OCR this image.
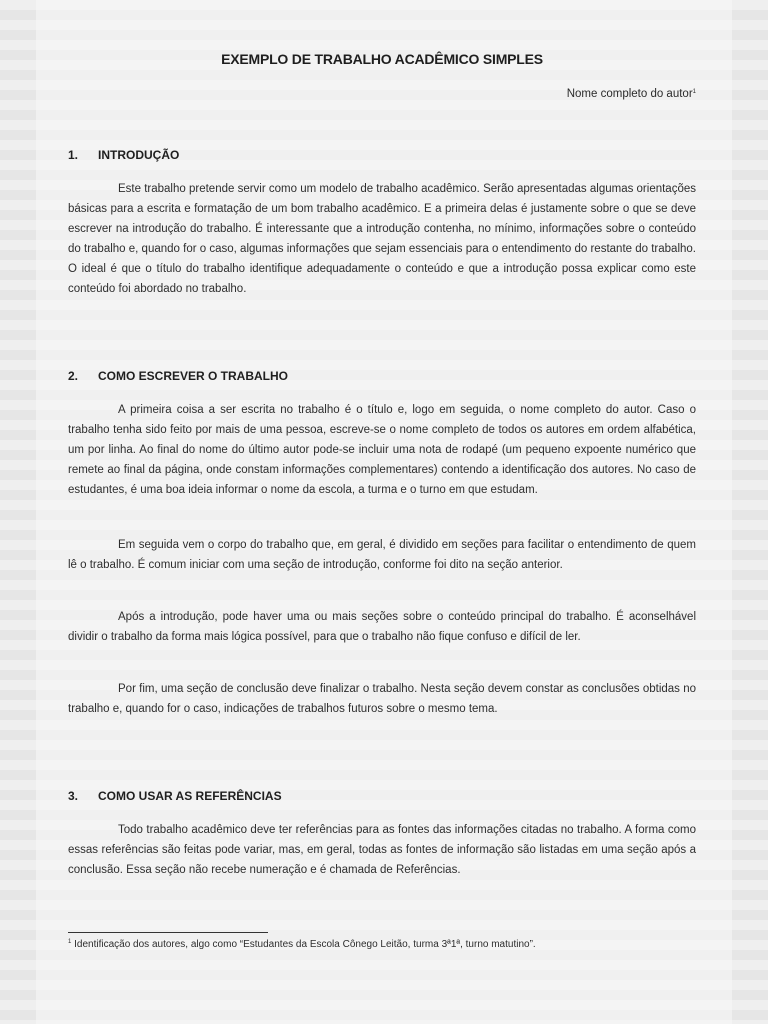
EXEMPLO DE TRABALHO ACADÊMICO SIMPLES
Nome completo do autor$^1$
1. INTRODUÇÃO

Este trabalho pretende servir como um modelo de trabalho acadêmico. Serão apresentadas algumas orientações básicas para a escrita e formatação de um bom trabalho acadêmico. E a primeira delas é justamente sobre o que se deve escrever na introdução do trabalho. É interessante que a introdução contenha, no mínimo, informações sobre o conteúdo do trabalho e, quando for o caso, algumas informações que sejam essenciais para o entendimento do restante do trabalho. O ideal é que o título do trabalho identifique adequadamente o conteúdo e que a introdução possa explicar como este conteúdo foi abordado no trabalho.

2. COMO ESCREVER O TRABALHO

A primeira coisa a ser escrita no trabalho é o título e, logo em seguida, o nome completo do autor. Caso o trabalho tenha sido feito por mais de uma pessoa, escreve-se o nome completo de todos os autores em ordem alfabética, um por linha. Ao final do nome do último autor pode-se incluir uma nota de rodapé (um pequeno expoente numérico que remete ao final da página, onde constam informações complementares) contendo a identificação dos autores. No caso de estudantes, é uma boa ideia informar o nome da escola, a turma e o turno em que estudam.

Em seguida vem o corpo do trabalho que, em geral, é dividido em seções para facilitar o entendimento de quem lê o trabalho. É comum iniciar com uma seção de introdução, conforme foi dito na seção anterior.

Após a introdução, pode haver uma ou mais seções sobre o conteúdo principal do trabalho. É aconselhável dividir o trabalho da forma mais lógica possível, para que o trabalho não fique confuso e difícil de ler.

Por fim, uma seção de conclusão deve finalizar o trabalho. Nesta seção devem constar as conclusões obtidas no trabalho e, quando for o caso, indicações de trabalhos futuros sobre o mesmo tema.

3. COMO USAR AS REFERÊNCIAS

Todo trabalho acadêmico deve ter referências para as fontes das informações citadas no trabalho. A forma como essas referências são feitas pode variar, mas, em geral, todas as fontes de informação são listadas em uma seção após a conclusão. Essa seção não recebe numeração e é chamada de Referências.

$^1$ Identificação dos autores, algo como “Estudantes da Escola Cônego Leitão, turma 3ª1ª, turno matutino”.
